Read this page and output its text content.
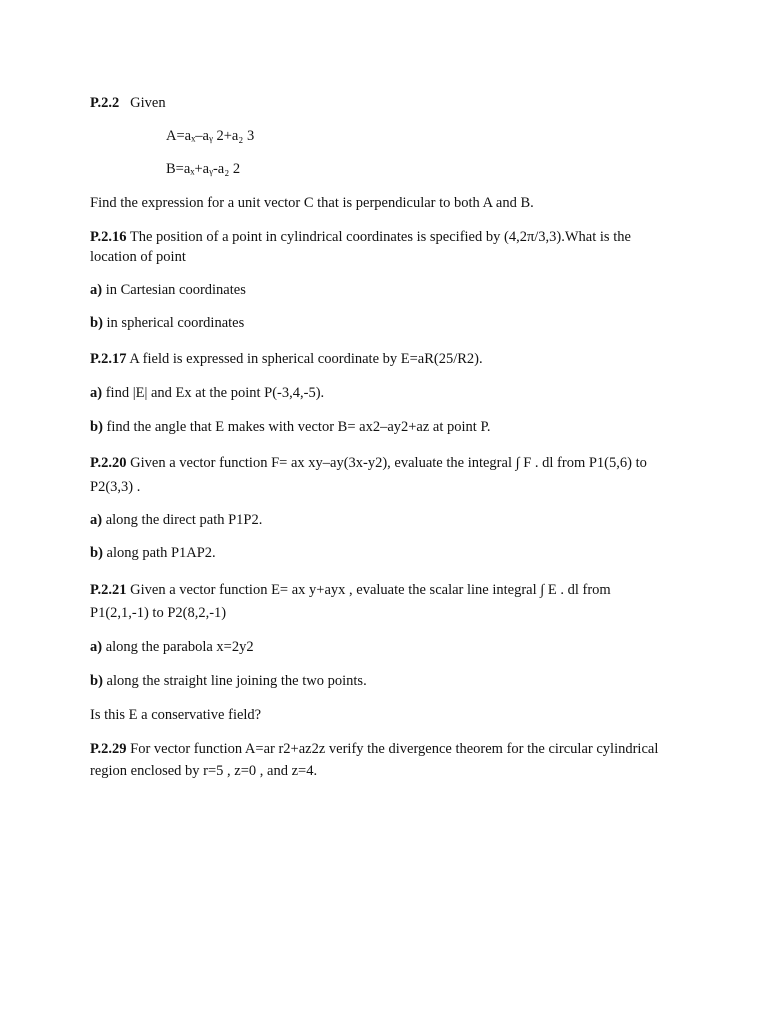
P.2.2 Given
A=aₓ–aᵧ 2+a₂ 3
B=aₓ+aᵧ-a₂ 2
Find the expression for a unit vector C that is perpendicular to both A and B.
P.2.16 The position of a point in cylindrical coordinates is specified by (4,2π/3,3).What is the
location of point
a) in Cartesian coordinates
b) in spherical coordinates
P.2.17 A field is expressed in spherical coordinate by E=aR(25/R2).
a) find |E| and Ex at the point P(-3,4,-5).
b) find the angle that E makes with vector B= ax2–ay2+az at point P.
P.2.20 Given a vector function F= ax xy–ay(3x-y2), evaluate the integral ∫ F . dl from P1(5,6) to
P2(3,3) .
a) along the direct path P1P2.
b) along path P1AP2.
P.2.21 Given a vector function E= ax y+ayx , evaluate the scalar line integral ∫ E . dl from
P1(2,1,-1) to P2(8,2,-1)
a) along the parabola x=2y2
b) along the straight line joining the two points.
Is this E a conservative field?
P.2.29 For vector function A=ar r2+az2z verify the divergence theorem for the circular cylindrical
region enclosed by r=5 , z=0 , and z=4.
